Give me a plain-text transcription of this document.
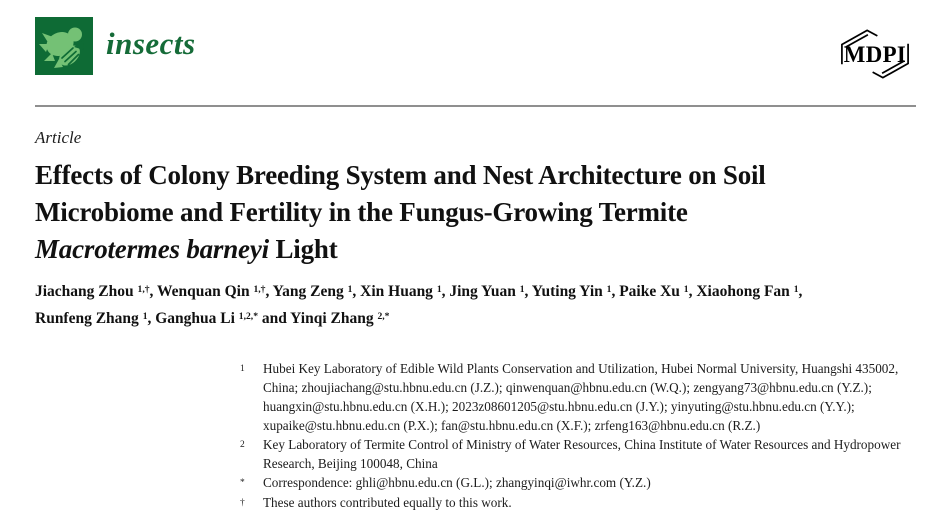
insects	MDPI
Article
Effects of Colony Breeding System and Nest Architecture on Soil
Microbiome and Fertility in the Fungus-Growing Termite
Macrotermes barneyi Light
Jiachang Zhou $^{1,\dagger}$, Wenquan Qin $^{1,\dagger}$, Yang Zeng $^1$, Xin Huang $^1$, Jing Yuan $^1$, Yuting Yin $^1$, Paike Xu $^1$, Xiaohong Fan $^1$,
Runfeng Zhang $^1$, Ganghua Li $^{1,2,*}$ and Yinqi Zhang $^{2,*}$
1	Hubei Key Laboratory of Edible Wild Plants Conservation and Utilization, Hubei Normal University, Huangshi 435002, China; zhoujiachang@stu.hbnu.edu.cn (J.Z.); qinwenquan@hbnu.edu.cn (W.Q.); zengyang73@hbnu.edu.cn (Y.Z.); huangxin@stu.hbnu.edu.cn (X.H.); 2023z08601205@stu.hbnu.edu.cn (J.Y.); yinyuting@stu.hbnu.edu.cn (Y.Y.); xupaike@stu.hbnu.edu.cn (P.X.); fan@stu.hbnu.edu.cn (X.F.); zrfeng163@hbnu.edu.cn (R.Z.)
2	Key Laboratory of Termite Control of Ministry of Water Resources, China Institute of Water Resources and Hydropower Research, Beijing 100048, China
*	Correspondence: ghli@hbnu.edu.cn (G.L.); zhangyinqi@iwhr.com (Y.Z.)
†	These authors contributed equally to this work.
